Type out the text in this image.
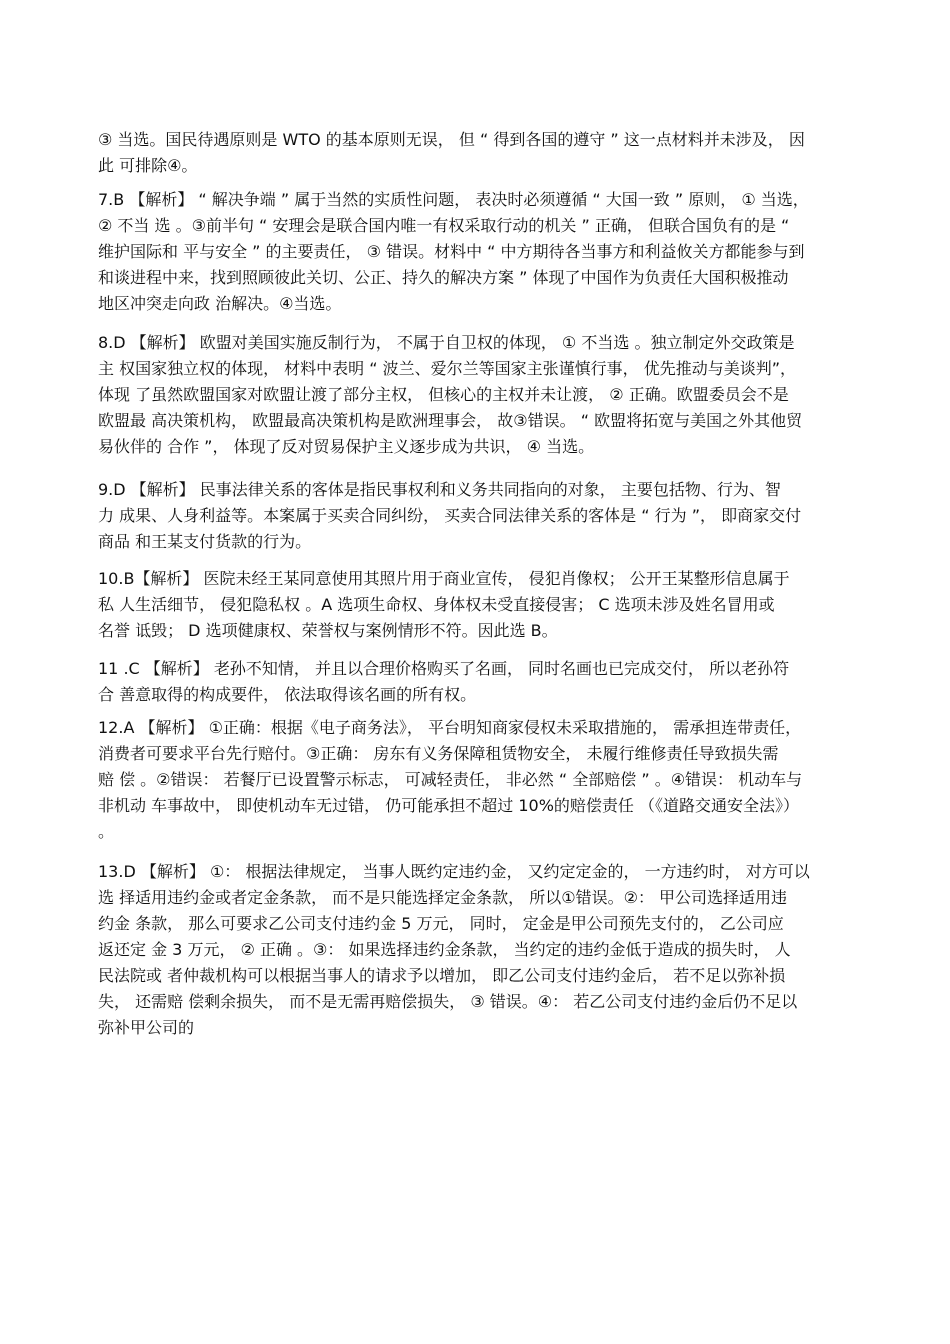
③ 当选。国民待遇原则是 WTO 的基本原则无误， 但 “ 得到各国的遵守 ” 这一点材料并未涉及， 因
此 可排除④。
7.B 【解析】 “ 解决争端 ” 属于当然的实质性问题， 表决时必须遵循 “ 大国一致 ” 原则， ① 当选，
② 不当 选 。③前半句 “ 安理会是联合国内唯一有权采取行动的机关 ” 正确， 但联合国负有的是 “
维护国际和 平与安全 ” 的主要责任， ③ 错误。材料中 “ 中方期待各当事方和利益攸关方都能参与到
和谈进程中来，找到照顾彼此关切、公正、持久的解决方案 ” 体现了中国作为负责任大国积极推动
地区冲突走向政 治解决。④当选。
8.D 【解析】 欧盟对美国实施反制行为， 不属于自卫权的体现， ① 不当选 。独立制定外交政策是
主 权国家独立权的体现， 材料中表明 “ 波兰、爱尔兰等国家主张谨慎行事， 优先推动与美谈判”，
体现 了虽然欧盟国家对欧盟让渡了部分主权， 但核心的主权并未让渡， ② 正确。欧盟委员会不是
欧盟最 高决策机构， 欧盟最高决策机构是欧洲理事会， 故③错误。 “ 欧盟将拓宽与美国之外其他贸
易伙伴的 合作 ”， 体现了反对贸易保护主义逐步成为共识， ④ 当选。
9.D 【解析】 民事法律关系的客体是指民事权利和义务共同指向的对象， 主要包括物、行为、智
力 成果、人身利益等。本案属于买卖合同纠纷， 买卖合同法律关系的客体是 “ 行为 ”， 即商家交付
商品 和王某支付货款的行为。
10.B【解析】 医院未经王某同意使用其照片用于商业宣传， 侵犯肖像权； 公开王某整形信息属于
私 人生活细节， 侵犯隐私权 。A 选项生命权、身体权未受直接侵害； C 选项未涉及姓名冒用或
名誉 诋毁； D 选项健康权、荣誉权与案例情形不符。因此选 B。
11 .C 【解析】 老孙不知情， 并且以合理价格购买了名画， 同时名画也已完成交付， 所以老孙符
合 善意取得的构成要件， 依法取得该名画的所有权。
12.A 【解析】 ①正确：根据《电子商务法》， 平台明知商家侵权未采取措施的， 需承担连带责任，
消费者可要求平台先行赔付。③正确： 房东有义务保障租赁物安全， 未履行维修责任导致损失需
赔 偿 。②错误： 若餐厅已设置警示标志， 可减轻责任， 非必然 “ 全部赔偿 ” 。④错误： 机动车与
非机动 车事故中， 即使机动车无过错， 仍可能承担不超过 10%的赔偿责任 （《道路交通安全法》）
。
13.D 【解析】 ①： 根据法律规定， 当事人既约定违约金， 又约定定金的， 一方违约时， 对方可以
选 择适用违约金或者定金条款， 而不是只能选择定金条款， 所以①错误。②： 甲公司选择适用违
约金 条款， 那么可要求乙公司支付违约金 5 万元， 同时， 定金是甲公司预先支付的， 乙公司应
返还定 金 3 万元， ② 正确 。③： 如果选择违约金条款， 当约定的违约金低于造成的损失时， 人
民法院或 者仲裁机构可以根据当事人的请求予以增加， 即乙公司支付违约金后， 若不足以弥补损
失， 还需赔 偿剩余损失， 而不是无需再赔偿损失， ③ 错误。④： 若乙公司支付违约金后仍不足以
弥补甲公司的
